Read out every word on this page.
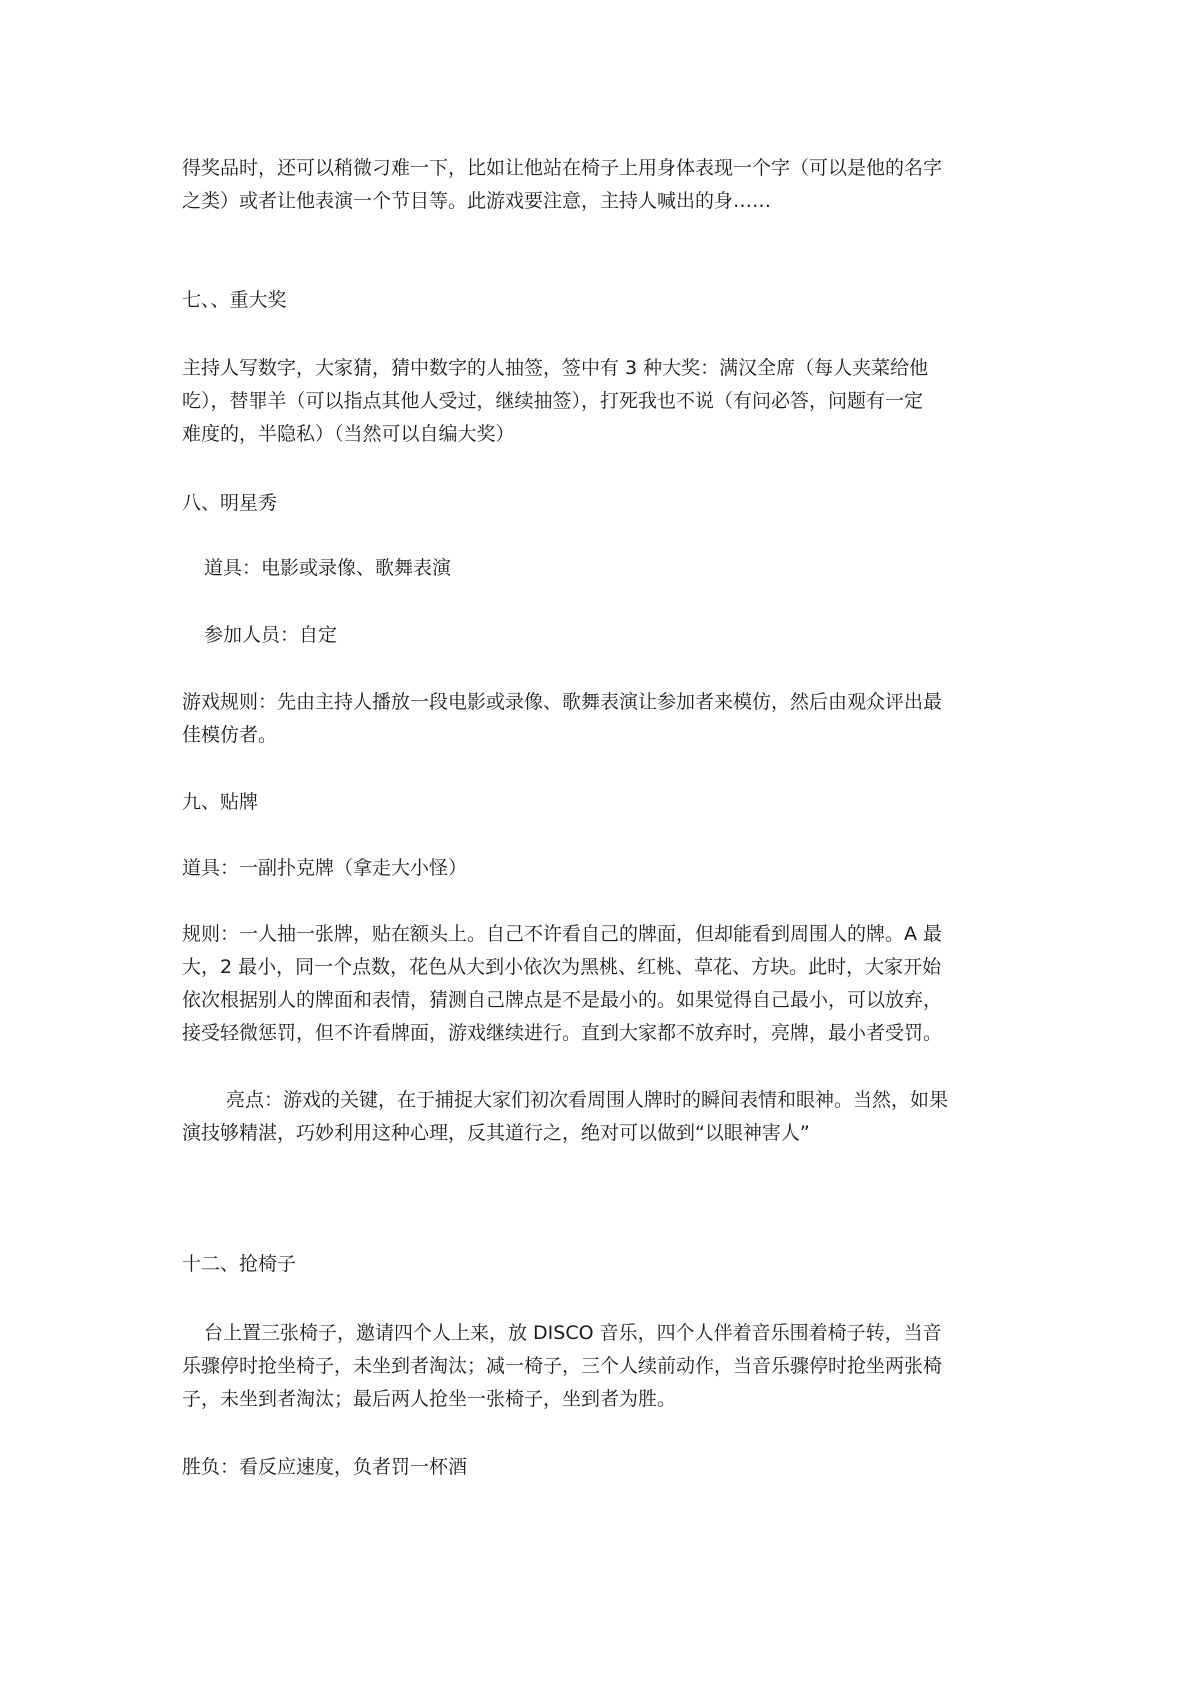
得奖品时，还可以稍微刁难一下，比如让他站在椅子上用身体表现一个字（可以是他的名字
之类）或者让他表演一个节目等。此游戏要注意，主持人喊出的身……
七、、重大奖
主持人写数字，大家猜，猜中数字的人抽签，签中有 3 种大奖：满汉全席（每人夹菜给他
吃），替罪羊（可以指点其他人受过，继续抽签），打死我也不说（有问必答，问题有一定
难度的，半隐私）（当然可以自编大奖）
八、明星秀
道具：电影或录像、歌舞表演
参加人员：自定
游戏规则：先由主持人播放一段电影或录像、歌舞表演让参加者来模仿，然后由观众评出最
佳模仿者。
九、贴牌
道具：一副扑克牌（拿走大小怪）
规则：一人抽一张牌，贴在额头上。自己不许看自己的牌面，但却能看到周围人的牌。A 最
大，2 最小，同一个点数，花色从大到小依次为黑桃、红桃、草花、方块。此时，大家开始
依次根据别人的牌面和表情，猜测自己牌点是不是最小的。如果觉得自己最小，可以放弃，
接受轻微惩罚，但不许看牌面，游戏继续进行。直到大家都不放弃时，亮牌，最小者受罚。
亮点：游戏的关键，在于捕捉大家们初次看周围人牌时的瞬间表情和眼神。当然，如果
演技够精湛，巧妙利用这种心理，反其道行之，绝对可以做到“以眼神害人”
十二、抢椅子
台上置三张椅子，邀请四个人上来，放 DISCO 音乐，四个人伴着音乐围着椅子转，当音
乐骤停时抢坐椅子，未坐到者淘汰；减一椅子，三个人续前动作，当音乐骤停时抢坐两张椅
子，未坐到者淘汰；最后两人抢坐一张椅子，坐到者为胜。
胜负：看反应速度，负者罚一杯酒
